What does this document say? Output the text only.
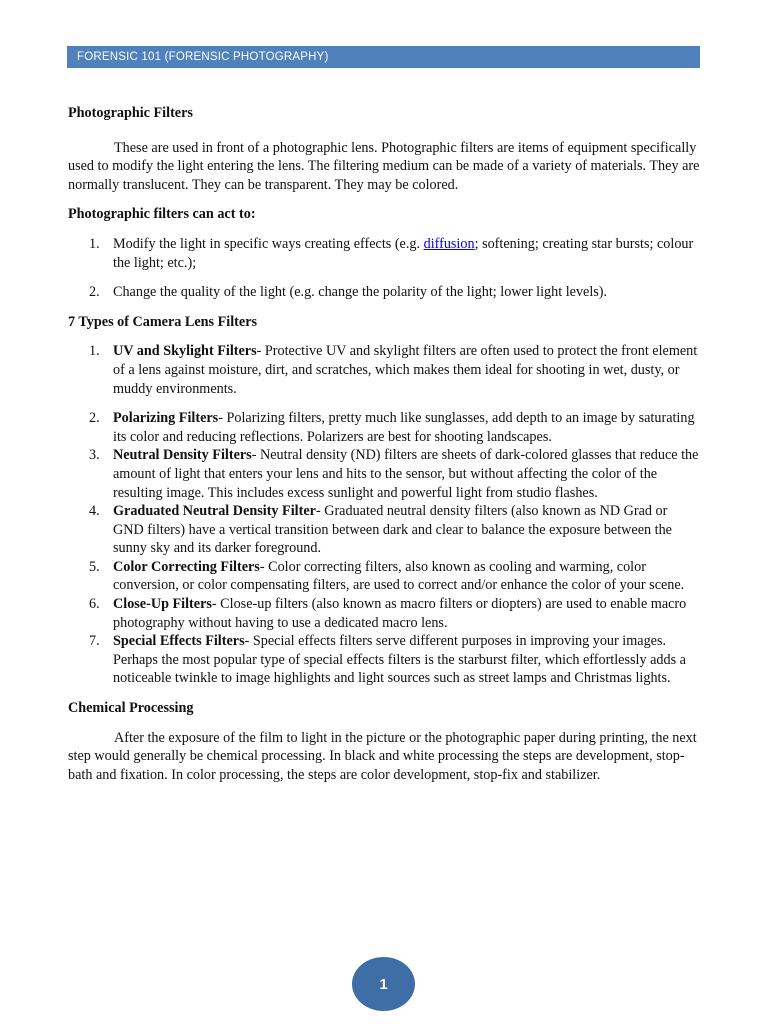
FORENSIC 101 (FORENSIC PHOTOGRAPHY)
Photographic Filters

These are used in front of a photographic lens. Photographic filters are items of equipment specifically used to modify the light entering the lens. The filtering medium can be made of a variety of materials. They are normally translucent. They can be transparent. They may be colored.

Photographic filters can act to:
1. Modify the light in specific ways creating effects (e.g. diffusion; softening; creating star bursts; colour the light; etc.);
2. Change the quality of the light (e.g. change the polarity of the light; lower light levels).
7 Types of Camera Lens Filters
1. UV and Skylight Filters- Protective UV and skylight filters are often used to protect the front element of a lens against moisture, dirt, and scratches, which makes them ideal for shooting in wet, dusty, or muddy environments.
2. Polarizing Filters- Polarizing filters, pretty much like sunglasses, add depth to an image by saturating its color and reducing reflections. Polarizers are best for shooting landscapes.
3. Neutral Density Filters- Neutral density (ND) filters are sheets of dark-colored glasses that reduce the amount of light that enters your lens and hits to the sensor, but without affecting the color of the resulting image. This includes excess sunlight and powerful light from studio flashes.
4. Graduated Neutral Density Filter- Graduated neutral density filters (also known as ND Grad or GND filters) have a vertical transition between dark and clear to balance the exposure between the sunny sky and its darker foreground.
5. Color Correcting Filters- Color correcting filters, also known as cooling and warming, color conversion, or color compensating filters, are used to correct and/or enhance the color of your scene.
6. Close-Up Filters- Close-up filters (also known as macro filters or diopters) are used to enable macro photography without having to use a dedicated macro lens.
7. Special Effects Filters- Special effects filters serve different purposes in improving your images. Perhaps the most popular type of special effects filters is the starburst filter, which effortlessly adds a noticeable twinkle to image highlights and light sources such as street lamps and Christmas lights.
Chemical Processing

After the exposure of the film to light in the picture or the photographic paper during printing, the next step would generally be chemical processing. In black and white processing the steps are development, stop-bath and fixation. In color processing, the steps are color development, stop-fix and stabilizer.

1
